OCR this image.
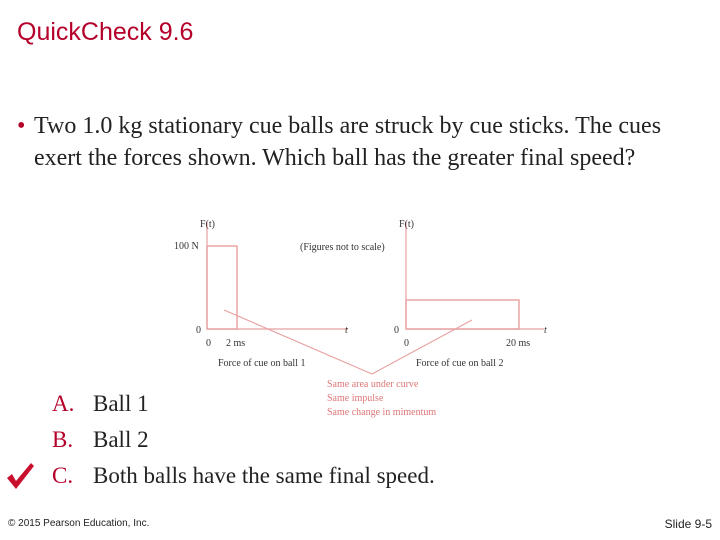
QuickCheck 9.6
• Two 1.0 kg stationary cue balls are struck by cue sticks. The cues exert the forces shown. Which ball has the greater final speed?
F(t)
100 N
0
0 2 ms
t
Force of cue on ball 1
(Figures not to scale)
F(t)
0
0	20 ms
t
Force of cue on ball 2
Same area under curve
Same impulse
Same change in mimentum
A. Ball 1
B. Ball 2
C. Both balls have the same final speed.
© 2015 Pearson Education, Inc.	Slide 9-5
